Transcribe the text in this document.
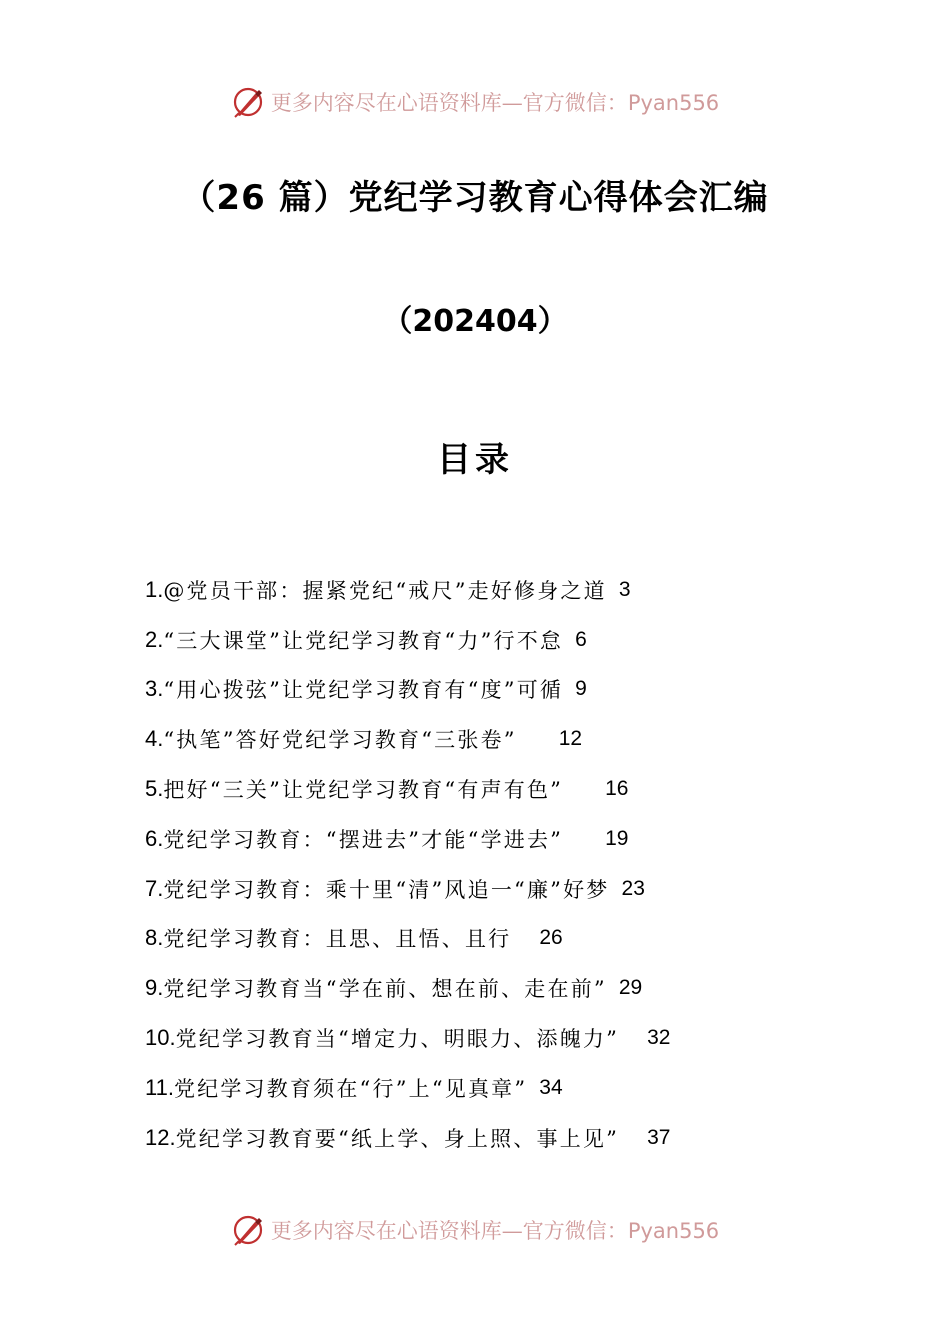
更多内容尽在心语资料库—官方微信：Pyan556
（26 篇）党纪学习教育心得体会汇编
（202404）
目录
1. @党员干部：握紧党纪“戒尺”走好修身之道 3
2. “三大课堂”让党纪学习教育“力”行不怠 6
3. “用心拨弦”让党纪学习教育有“度”可循 9
4. “执笔”答好党纪学习教育“三张卷” 12
5. 把好“三关”让党纪学习教育“有声有色” 16
6. 党纪学习教育：“摆进去”才能“学进去” 19
7. 党纪学习教育：乘十里“清”风追一“廉”好梦 23
8. 党纪学习教育：且思、且悟、且行 26
9. 党纪学习教育当“学在前、想在前、走在前” 29
10. 党纪学习教育当“增定力、明眼力、添魄力” 32
11. 党纪学习教育须在“行”上“见真章” 34
12. 党纪学习教育要“纸上学、身上照、事上见” 37
更多内容尽在心语资料库—官方微信：Pyan556
